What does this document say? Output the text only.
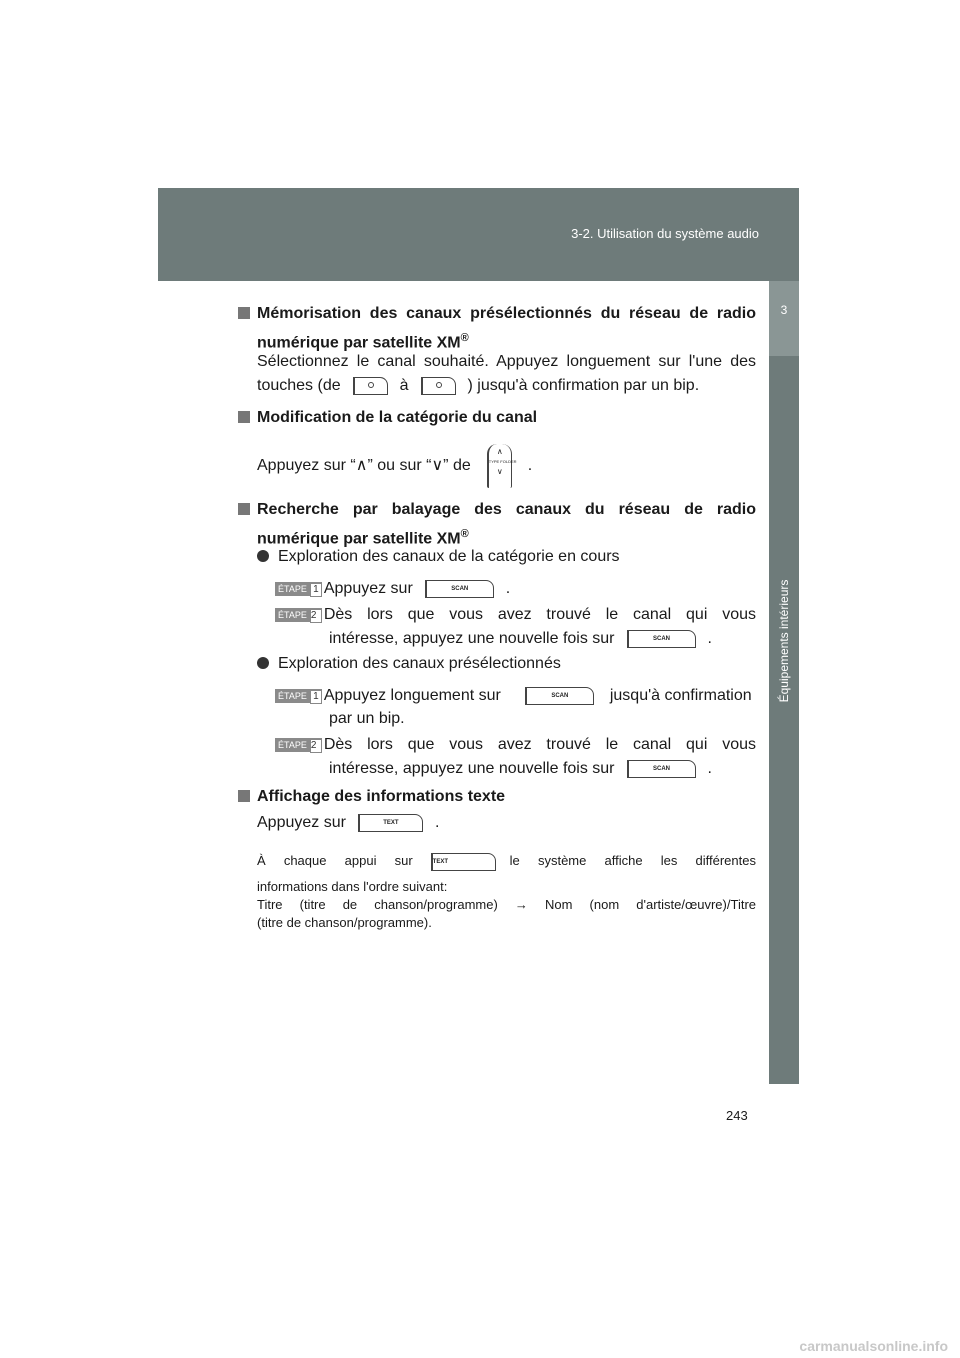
3-2. Utilisation du système audio
3
Équipements intérieurs
Mémorisation des canaux présélectionnés du réseau de radio
numérique par satellite XM®
Sélectionnez le canal souhaité. Appuyez longuement sur l'une des
touches (de	à	) jusqu'à confirmation par un bip.
Modification de la catégorie du canal
Appuyez sur “∧” ou sur “∨” de
∧
TYPE FOLDER
∨	.
Recherche par balayage des canaux du réseau de radio
numérique par satellite XM®
Exploration des canaux de la catégorie en cours
ÉTAPE 1 Appuyez sur	SCAN .
ÉTAPE 2 Dès lors que vous avez trouvé le canal qui vous
intéresse, appuyez une nouvelle fois sur	SCAN .
Exploration des canaux présélectionnés
ÉTAPE 1 Appuyez longuement sur	SCAN	jusqu'à confirmation
par un bip.
ÉTAPE 2 Dès lors que vous avez trouvé le canal qui vous
intéresse, appuyez une nouvelle fois sur	SCAN .
Affichage des informations texte
Appuyez sur	TEXT .
À chaque appui sur	TEXT	le système affiche les différentes
informations dans l'ordre suivant:
Titre (titre de chanson/programme) → Nom (nom d'artiste/œuvre)/Titre
(titre de chanson/programme).
243
carmanualsonline.info
